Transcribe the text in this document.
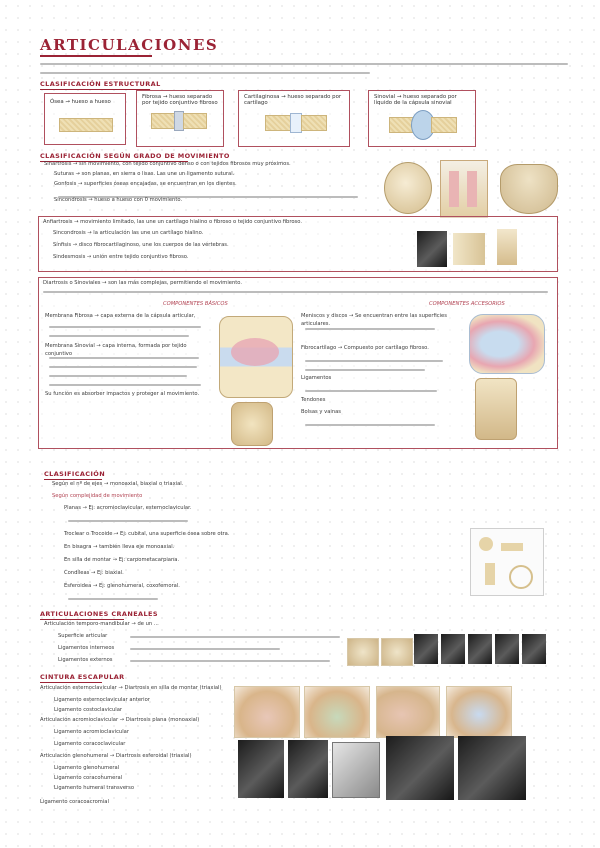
ARTICULACIONES
CLASIFICACIÓN ESTRUCTURAL
Ósea → hueso a hueso
Fibrosa → hueso separado por tejido conjuntivo fibroso
Cartilaginosa → hueso separado por cartílago
Sinovial → hueso separado por líquido de la cápsula sinovial
CLASIFICACIÓN SEGÚN GRADO DE MOVIMIENTO
Sinartrosis → sin movimiento, con tejido conjuntivo denso o con tejidos fibrosos muy próximos.
Suturas → son planas, en sierra o lisas. Las une un ligamento sutural.
Gonfosis → superficies óseas encajadas, se encuentran en los dientes.
Sincondrosis → hueso a hueso con 0 movimiento.
Anfiartrosis → movimiento limitado, las une un cartílago hialino o fibroso o tejido conjuntivo fibroso.
Sincondrosis → la articulación las une un cartílago hialino.
Sínfisis → disco fibrocartilaginoso, une los cuerpos de las vértebras.
Sindesmosis → unión entre tejido conjuntivo fibroso.
Diartrosis o Sinoviales → son las más complejas, permitiendo el movimiento.
COMPONENTES BÁSICOS	COMPONENTES ACCESORIOS
Membrana Fibrosa → capa externa de la cápsula articular,
Membrana Sinovial → capa interna, formada por tejido conjuntivo
Su función es absorber impactos y proteger al movimiento.
Meniscos y discos → Se encuentran entre las superficies articulares.
Fibrocartílago → Compuesto por cartílago fibroso.
Ligamentos
Tendones
Bolsas y vainas
CLASIFICACIÓN
Según el nº de ejes → monoaxial, biaxial o triaxial.
Según complejidad de movimiento
Planas → Ej: acromioclavicular, esternoclavicular.
Troclear o Trocoide → Ej: cubital, una superficie ósea sobre otra.
En bisagra → también lleva eje monoaxial.
En silla de montar → Ej: carpometacarpiana.
Condíleas → Ej: biaxial.
Esferoidea → Ej: glenohumeral, coxofemoral.
ARTICULACIONES CRANEALES
Articulación temporo-mandibular → de un ...
Superficie articular
Ligamentos interneos
Ligamentos externos
CINTURA ESCAPULAR
Articulación esternoclavicular → Diartrosis en silla de montar (triaxial)
Ligamento esternoclavicular anterior
Ligamento costoclavicular
Articulación acromioclavicular → Diartrosis plana (monoaxial)
Ligamento acromioclavicular
Ligamento coracoclavicular
Articulación glenohumeral → Diartrosis esferoidal (triaxial)
Ligamento glenohumeral
Ligamento coracohumeral
Ligamento humeral transverso
Ligamento coracoacromial
